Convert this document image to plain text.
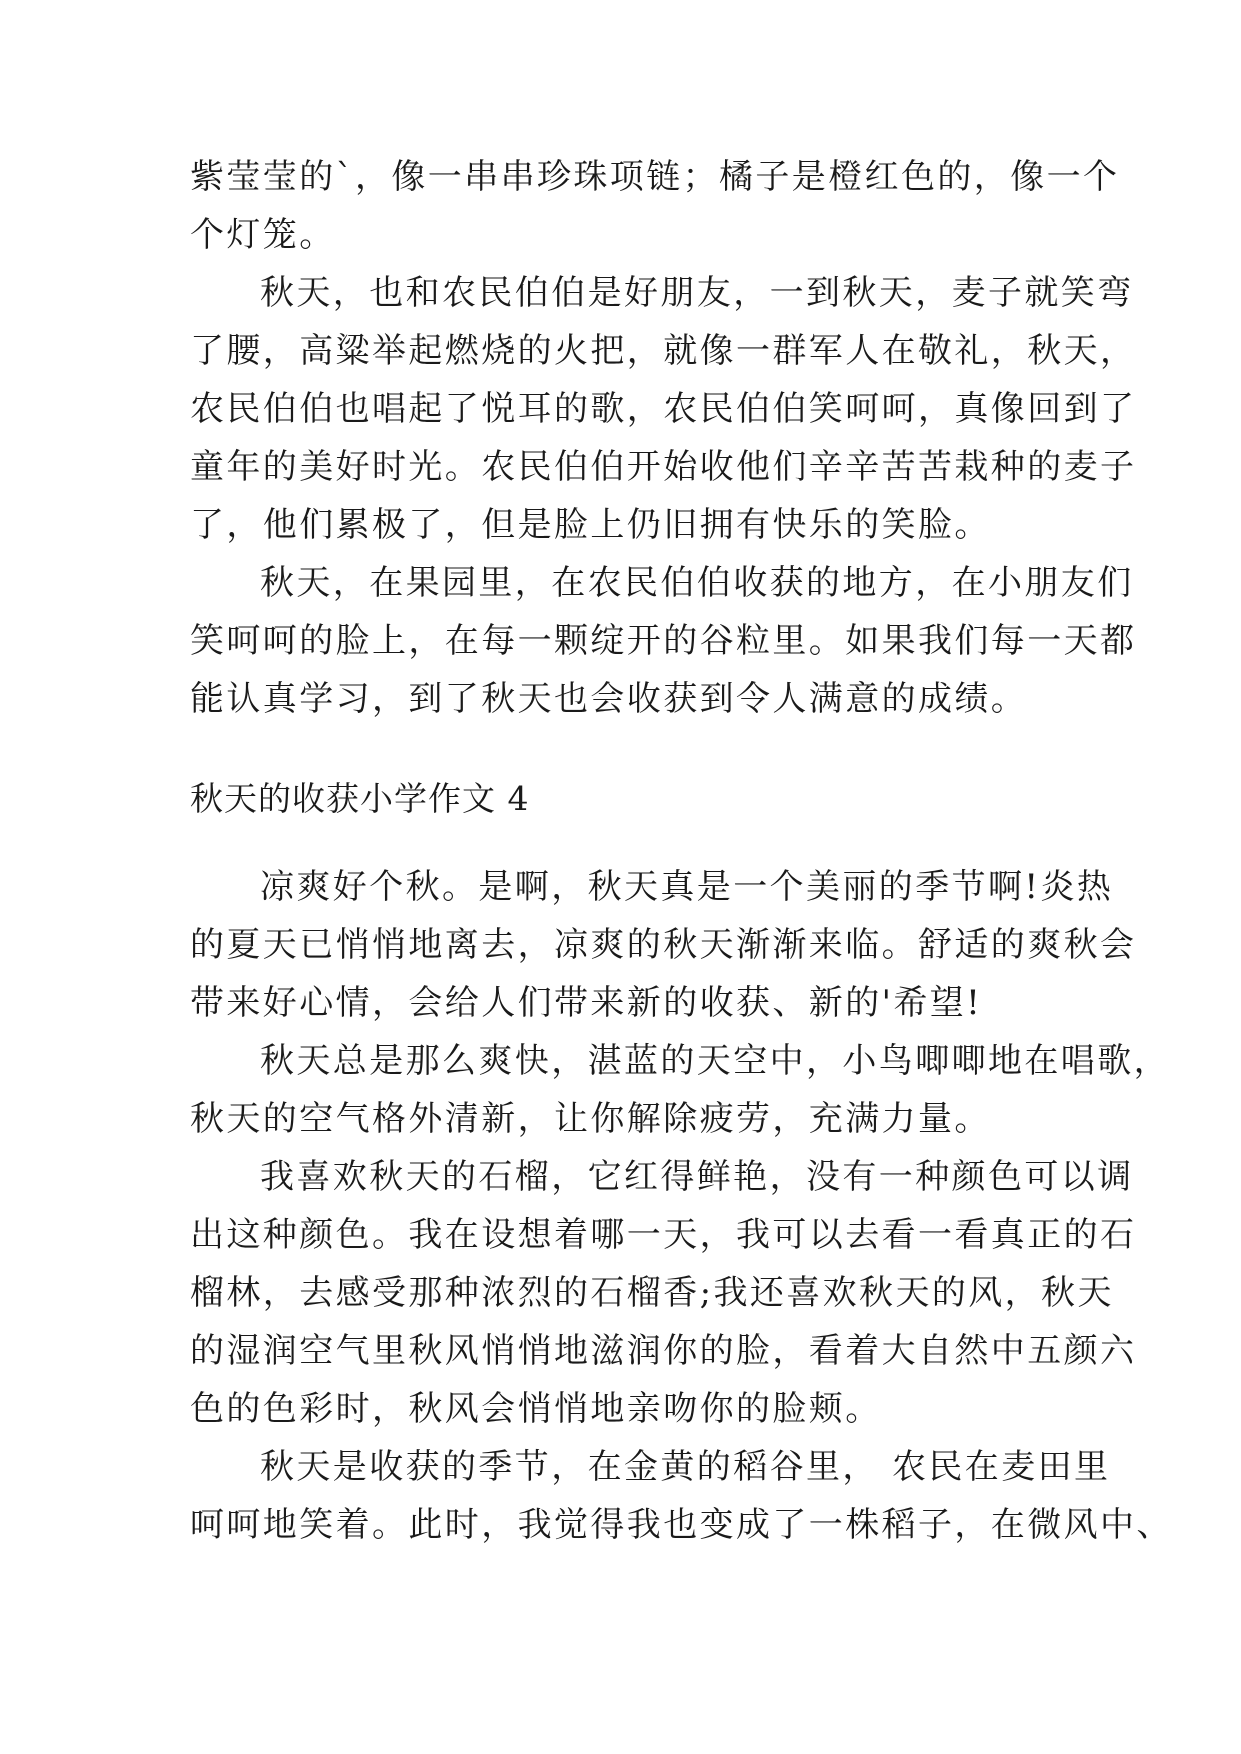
紫莹莹的`，像一串串珍珠项链；橘子是橙红色的，像一个
个灯笼。
秋天，也和农民伯伯是好朋友，一到秋天，麦子就笑弯
了腰，高粱举起燃烧的火把，就像一群军人在敬礼，秋天，
农民伯伯也唱起了悦耳的歌，农民伯伯笑呵呵，真像回到了
童年的美好时光。农民伯伯开始收他们辛辛苦苦栽种的麦子
了，他们累极了，但是脸上仍旧拥有快乐的笑脸。
秋天，在果园里，在农民伯伯收获的地方，在小朋友们
笑呵呵的脸上，在每一颗绽开的谷粒里。如果我们每一天都
能认真学习，到了秋天也会收获到令人满意的成绩。
秋天的收获小学作文 4
凉爽好个秋。是啊，秋天真是一个美丽的季节啊!炎热
的夏天已悄悄地离去，凉爽的秋天渐渐来临。舒适的爽秋会
带来好心情，会给人们带来新的收获、新的'希望!
秋天总是那么爽快，湛蓝的天空中，小鸟唧唧地在唱歌，
秋天的空气格外清新，让你解除疲劳，充满力量。
我喜欢秋天的石榴，它红得鲜艳，没有一种颜色可以调
出这种颜色。我在设想着哪一天，我可以去看一看真正的石
榴林，去感受那种浓烈的石榴香;我还喜欢秋天的风，秋天
的湿润空气里秋风悄悄地滋润你的脸，看着大自然中五颜六
色的色彩时，秋风会悄悄地亲吻你的脸颊。
秋天是收获的季节，在金黄的稻谷里， 农民在麦田里
呵呵地笑着。此时，我觉得我也变成了一株稻子，在微风中、
